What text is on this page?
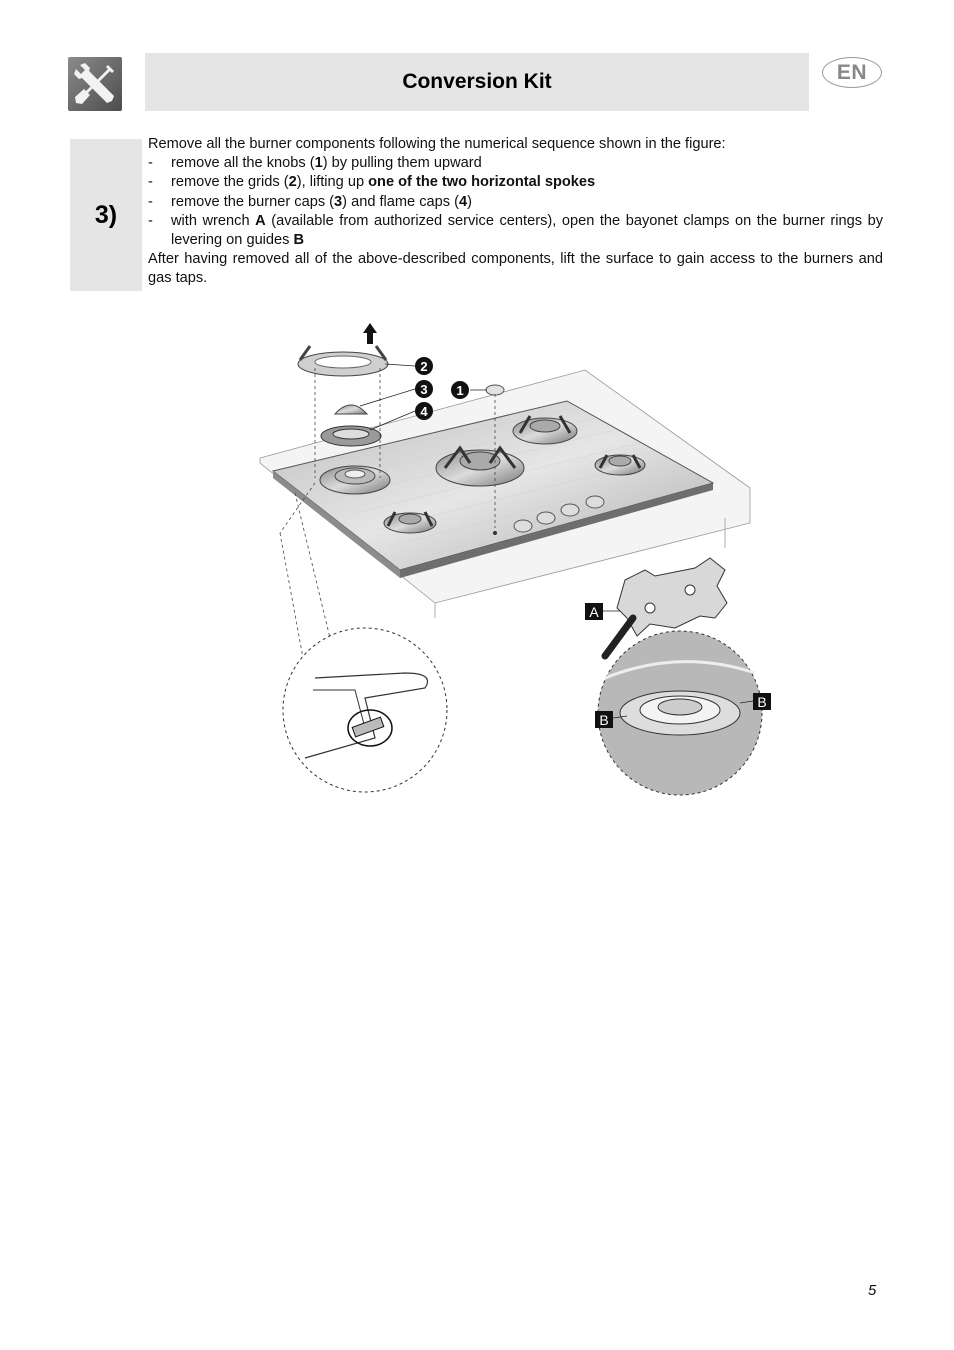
Conversion Kit	EN
3)

Remove all the burner components following the numerical sequence shown in the figure:

-	remove all the knobs (1) by pulling them upward
-	remove the grids (2), lifting up one of the two horizontal spokes
-	remove the burner caps (3) and flame caps (4)
-	with wrench A (available from authorized service centers), open the bayonet clamps on the burner rings by levering on guides B

After having removed all of the above-described components, lift the surface to gain access to the burners and gas taps.

2
3
4
1
A
B
B
5
